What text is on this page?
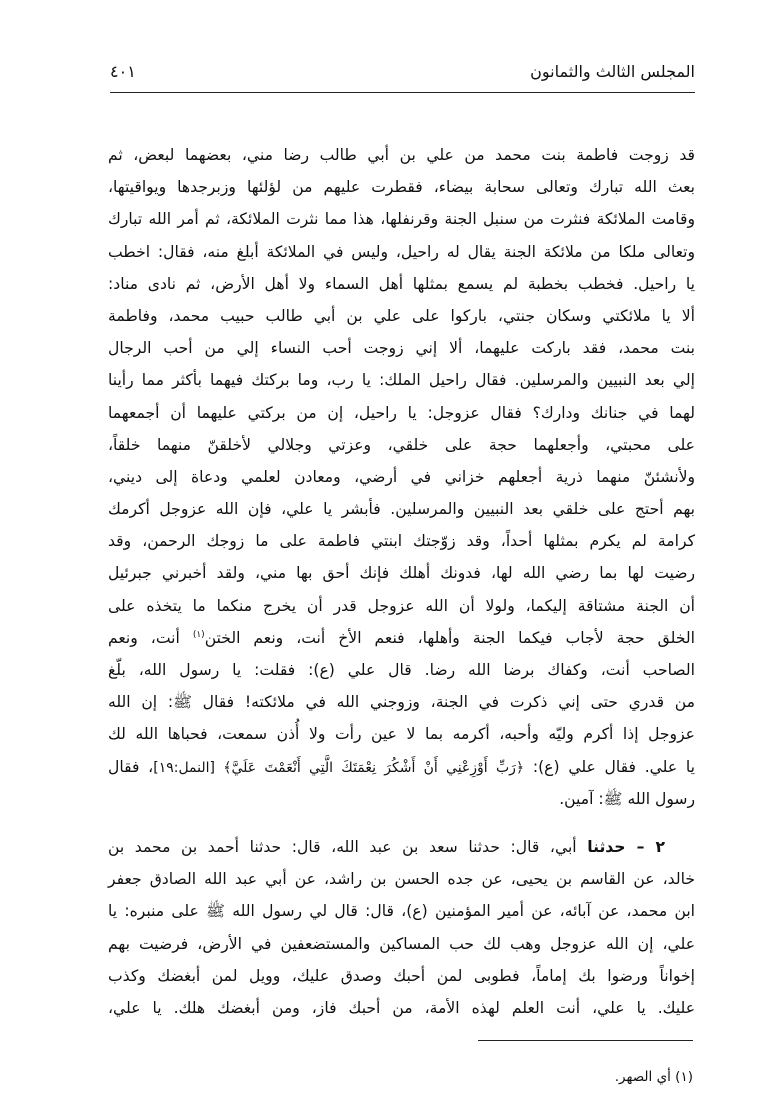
المجلس الثالث والثمانون
٤٠١
قد زوجت فاطمة بنت محمد من علي بن أبي طالب رضا مني، بعضهما لبعض، ثم
بعث الله تبارك وتعالى سحابة بيضاء، فقطرت عليهم من لؤلئها وزبرجدها ويواقيتها،
وقامت الملائكة فنثرت من سنبل الجنة وقرنفلها، هذا مما نثرت الملائكة، ثم أمر الله تبارك
وتعالى ملكا من ملائكة الجنة يقال له راحيل، وليس في الملائكة أبلغ منه، فقال: اخطب
يا راحيل. فخطب بخطبة لم يسمع بمثلها أهل السماء ولا أهل الأرض، ثم نادى مناد:
ألا يا ملائكتي وسكان جنتي، باركوا على علي بن أبي طالب حبيب محمد، وفاطمة
بنت محمد، فقد باركت عليهما، ألا إني زوجت أحب النساء إلي من أحب الرجال
إلي بعد النبيين والمرسلين. فقال راحيل الملك: يا رب، وما بركتك فيهما بأكثر مما رأينا
لهما في جنانك ودارك؟ فقال عزوجل: يا راحيل، إن من بركتي عليهما أن أجمعهما
على محبتي، وأجعلهما حجة على خلقي، وعزتي وجلالي لأخلقنّ منهما خلقاً،
ولأنشئنّ منهما ذرية أجعلهم خزاني في أرضي، ومعادن لعلمي ودعاة إلى ديني،
بهم أحتج على خلقي بعد النبيين والمرسلين. فأبشر يا علي، فإن الله عزوجل أكرمك
كرامة لم يكرم بمثلها أحداً، وقد زوّجتك ابنتي فاطمة على ما زوجك الرحمن، وقد
رضيت لها بما رضي الله لها، فدونك أهلك فإنك أحق بها مني، ولقد أخبرني جبرئيل
أن الجنة مشتاقة إليكما، ولولا أن الله عزوجل قدر أن يخرج منكما ما يتخذه على
الخلق حجة لأجاب فيكما الجنة وأهلها، فنعم الأخ أنت، ونعم الختن$^{(١)}$ أنت، ونعم
الصاحب أنت، وكفاك برضا الله رضا. قال علي (ع): فقلت: يا رسول الله، بلّغ
من قدري حتى إني ذكرت في الجنة، وزوجني الله في ملائكته! فقال ﷺ: إن الله
عزوجل إذا أكرم وليّه وأحبه، أكرمه بما لا عين رأت ولا أُذن سمعت، فحباها الله لك
يا علي. فقال علي (ع): ﴿رَبِّ أَوْزِعْنِي أَنْ أَشْكُرَ نِعْمَتَكَ الَّتِي أَنْعَمْتَ عَلَيَّ﴾ [النمل:١٩]، فقال
رسول الله ﷺ: آمين.
٢ – حدثنا أبي، قال: حدثنا سعد بن عبد الله، قال: حدثنا أحمد بن محمد بن
خالد، عن القاسم بن يحيى، عن جده الحسن بن راشد، عن أبي عبد الله الصادق جعفر
ابن محمد، عن آبائه، عن أمير المؤمنين (ع)، قال: قال لي رسول الله ﷺ على منبره: يا
علي، إن الله عزوجل وهب لك حب المساكين والمستضعفين في الأرض، فرضيت بهم
إخواناً ورضوا بك إماماً، فطوبى لمن أحبك وصدق عليك، وويل لمن أبغضك وكذب
عليك. يا علي، أنت العلم لهذه الأمة، من أحبك فاز، ومن أبغضك هلك. يا علي،
(١) أي الصهر.
